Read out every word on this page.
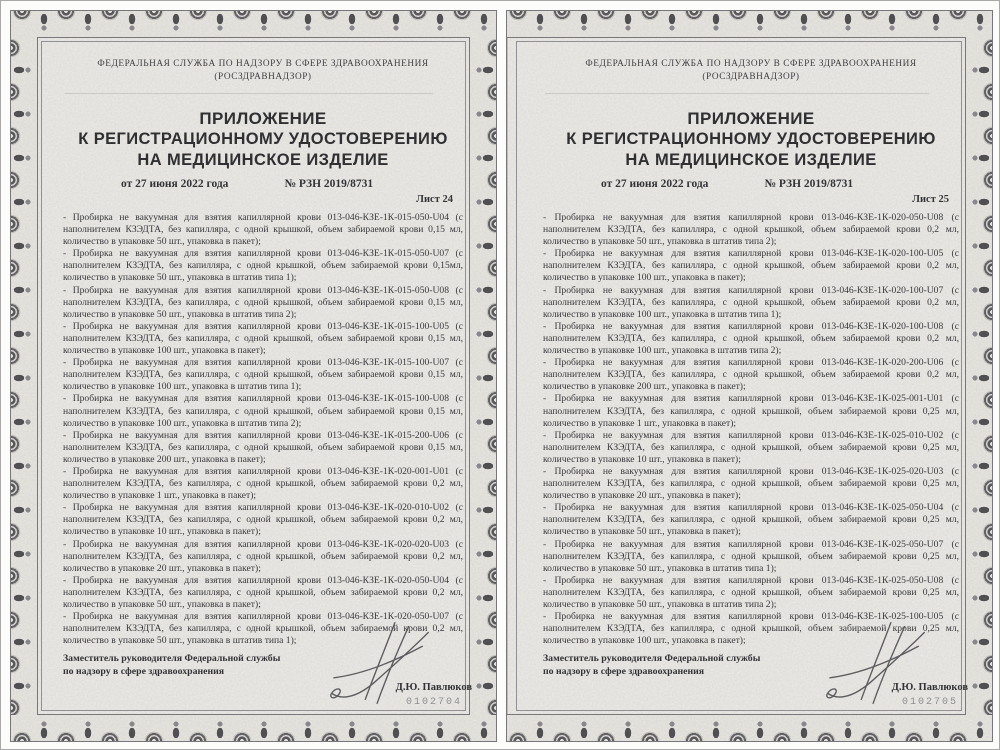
ФЕДЕРАЛЬНАЯ СЛУЖБА ПО НАДЗОРУ В СФЕРЕ ЗДРАВООХРАНЕНИЯ
(РОСЗДРАВНАДЗОР)
ПРИЛОЖЕНИЕ
К РЕГИСТРАЦИОННОМУ УДОСТОВЕРЕНИЮ
НА МЕДИЦИНСКОЕ ИЗДЕЛИЕ
от 27 июня 2022 года	№ РЗН 2019/8731
Лист 24
- Пробирка не вакуумная для взятия капиллярной крови 013-046-КЗЕ-1К-015-050-U04 (с наполнителем КЗЭДТА, без капилляра, с одной крышкой, объем забираемой крови 0,15 мл, количество в упаковке 50 шт., упаковка в пакет);
- Пробирка не вакуумная для взятия капиллярной крови 013-046-КЗЕ-1К-015-050-U07 (с наполнителем КЗЭДТА, без капилляра, с одной крышкой, объем забираемой крови 0,15мл, количество в упаковке 50 шт., упаковка в штатив типа 1);
- Пробирка не вакуумная для взятия капиллярной крови 013-046-КЗЕ-1К-015-050-U08 (с наполнителем КЗЭДТА, без капилляра, с одной крышкой, объем забираемой крови 0,15 мл, количество в упаковке 50 шт., упаковка в штатив типа 2);
- Пробирка не вакуумная для взятия капиллярной крови 013-046-КЗЕ-1К-015-100-U05 (с наполнителем КЗЭДТА, без капилляра, с одной крышкой, объем забираемой крови 0,15 мл, количество в упаковке 100 шт., упаковка в пакет);
- Пробирка не вакуумная для взятия капиллярной крови 013-046-КЗЕ-1К-015-100-U07 (с наполнителем КЗЭДТА, без капилляра, с одной крышкой, объем забираемой крови 0,15 мл, количество в упаковке 100 шт., упаковка в штатив типа 1);
- Пробирка не вакуумная для взятия капиллярной крови 013-046-КЗЕ-1К-015-100-U08 (с наполнителем КЗЭДТА, без капилляра, с одной крышкой, объем забираемой крови 0,15 мл, количество в упаковке 100 шт., упаковка в штатив типа 2);
- Пробирка не вакуумная для взятия капиллярной крови 013-046-КЗЕ-1К-015-200-U06 (с наполнителем КЗЭДТА, без капилляра, с одной крышкой, объем забираемой крови 0,15 мл, количество в упаковке 200 шт., упаковка в пакет);
- Пробирка не вакуумная для взятия капиллярной крови 013-046-КЗЕ-1К-020-001-U01 (с наполнителем КЗЭДТА, без капилляра, с одной крышкой, объем забираемой крови 0,2 мл, количество в упаковке 1 шт., упаковка в пакет);
- Пробирка не вакуумная для взятия капиллярной крови 013-046-КЗЕ-1К-020-010-U02 (с наполнителем КЗЭДТА, без капилляра, с одной крышкой, объем забираемой крови 0,2 мл, количество в упаковке 10 шт., упаковка в пакет);
- Пробирка не вакуумная для взятия капиллярной крови 013-046-КЗЕ-1К-020-020-U03 (с наполнителем КЗЭДТА, без капилляра, с одной крышкой, объем забираемой крови 0,2 мл, количество в упаковке 20 шт., упаковка в пакет);
- Пробирка не вакуумная для взятия капиллярной крови 013-046-КЗЕ-1К-020-050-U04 (с наполнителем КЗЭДТА, без капилляра, с одной крышкой, объем забираемой крови 0,2 мл, количество в упаковке 50 шт., упаковка в пакет);
- Пробирка не вакуумная для взятия капиллярной крови 013-046-КЗЕ-1К-020-050-U07 (с наполнителем КЗЭДТА, без капилляра, с одной крышкой, объем забираемой крови 0,2 мл, количество в упаковке 50 шт., упаковка в штатив типа 1);
Заместитель руководителя Федеральной службы
по надзору в сфере здравоохранения
Д.Ю. Павлюков
0102704
ФЕДЕРАЛЬНАЯ СЛУЖБА ПО НАДЗОРУ В СФЕРЕ ЗДРАВООХРАНЕНИЯ
(РОСЗДРАВНАДЗОР)
ПРИЛОЖЕНИЕ
К РЕГИСТРАЦИОННОМУ УДОСТОВЕРЕНИЮ
НА МЕДИЦИНСКОЕ ИЗДЕЛИЕ
от 27 июня 2022 года	№ РЗН 2019/8731
Лист 25
- Пробирка не вакуумная для взятия капиллярной крови 013-046-КЗЕ-1К-020-050-U08 (с наполнителем КЗЭДТА, без капилляра, с одной крышкой, объем забираемой крови 0,2 мл, количество в упаковке 50 шт., упаковка в штатив типа 2);
- Пробирка не вакуумная для взятия капиллярной крови 013-046-КЗЕ-1К-020-100-U05 (с наполнителем КЗЭДТА, без капилляра, с одной крышкой, объем забираемой крови 0,2 мл, количество в упаковке 100 шт., упаковка в пакет);
- Пробирка не вакуумная для взятия капиллярной крови 013-046-КЗЕ-1К-020-100-U07 (с наполнителем КЗЭДТА, без капилляра, с одной крышкой, объем забираемой крови 0,2 мл, количество в упаковке 100 шт., упаковка в штатив типа 1);
- Пробирка не вакуумная для взятия капиллярной крови 013-046-КЗЕ-1К-020-100-U08 (с наполнителем КЗЭДТА, без капилляра, с одной крышкой, объем забираемой крови 0,2 мл, количество в упаковке 100 шт., упаковка в штатив типа 2);
- Пробирка не вакуумная для взятия капиллярной крови 013-046-КЗЕ-1К-020-200-U06 (с наполнителем КЗЭДТА, без капилляра, с одной крышкой, объем забираемой крови 0,2 мл, количество в упаковке 200 шт., упаковка в пакет);
- Пробирка не вакуумная для взятия капиллярной крови 013-046-КЗЕ-1К-025-001-U01 (с наполнителем КЗЭДТА, без капилляра, с одной крышкой, объем забираемой крови 0,25 мл, количество в упаковке 1 шт., упаковка в пакет);
- Пробирка не вакуумная для взятия капиллярной крови 013-046-КЗЕ-1К-025-010-U02 (с наполнителем КЗЭДТА, без капилляра, с одной крышкой, объем забираемой крови 0,25 мл, количество в упаковке 10 шт., упаковка в пакет);
- Пробирка не вакуумная для взятия капиллярной крови 013-046-КЗЕ-1К-025-020-U03 (с наполнителем КЗЭДТА, без капилляра, с одной крышкой, объем забираемой крови 0,25 мл, количество в упаковке 20 шт., упаковка в пакет);
- Пробирка не вакуумная для взятия капиллярной крови 013-046-КЗЕ-1К-025-050-U04 (с наполнителем КЗЭДТА, без капилляра, с одной крышкой, объем забираемой крови 0,25 мл, количество в упаковке 50 шт., упаковка в пакет);
- Пробирка не вакуумная для взятия капиллярной крови 013-046-КЗЕ-1К-025-050-U07 (с наполнителем КЗЭДТА, без капилляра, с одной крышкой, объем забираемой крови 0,25 мл, количество в упаковке 50 шт., упаковка в штатив типа 1);
- Пробирка не вакуумная для взятия капиллярной крови 013-046-КЗЕ-1К-025-050-U08 (с наполнителем КЗЭДТА, без капилляра, с одной крышкой, объем забираемой крови 0,25 мл, количество в упаковке 50 шт., упаковка в штатив типа 2);
- Пробирка не вакуумная для взятия капиллярной крови 013-046-КЗЕ-1К-025-100-U05 (с наполнителем КЗЭДТА, без капилляра, с одной крышкой, объем забираемой крови 0,25 мл, количество в упаковке 100 шт., упаковка в пакет);
Заместитель руководителя Федеральной службы
по надзору в сфере здравоохранения
Д.Ю. Павлюков
0102705
